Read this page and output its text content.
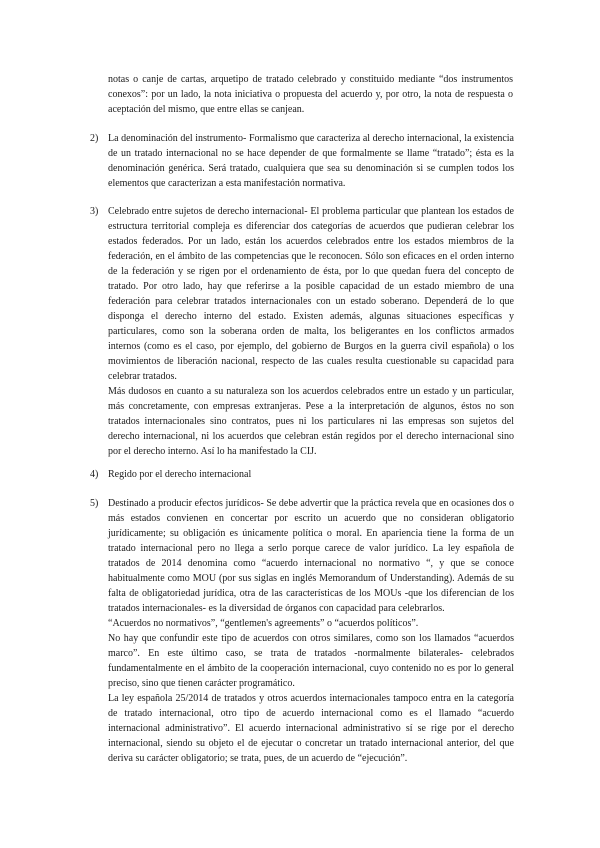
notas o canje de cartas, arquetipo de tratado celebrado y constituido mediante “dos instrumentos conexos”: por un lado, la nota iniciativa o propuesta del acuerdo y, por otro, la nota de respuesta o aceptación del mismo, que entre ellas se canjean.

2) La denominación del instrumento- Formalismo que caracteriza al derecho internacional, la existencia de un tratado internacional no se hace depender de que formalmente se llame “tratado”; ésta es la denominación genérica. Será tratado, cualquiera que sea su denominación si se cumplen todos los elementos que caracterizan a esta manifestación normativa.

3) Celebrado entre sujetos de derecho internacional- El problema particular que plantean los estados de estructura territorial compleja es diferenciar dos categorías de acuerdos que pudieran celebrar los estados federados. Por un lado, están los acuerdos celebrados entre los estados miembros de la federación, en el ámbito de las competencias que le reconocen. Sólo son eficaces en el orden interno de la federación y se rigen por el ordenamiento de ésta, por lo que quedan fuera del concepto de tratado. Por otro lado, hay que referirse a la posible capacidad de un estado miembro de una federación para celebrar tratados internacionales con un estado soberano. Dependerá de lo que disponga el derecho interno del estado. Existen además, algunas situaciones específicas y particulares, como son la soberana orden de malta, los beligerantes en los conflictos armados internos (como es el caso, por ejemplo, del gobierno de Burgos en la guerra civil española) o los movimientos de liberación nacional, respecto de las cuales resulta cuestionable su capacidad para celebrar tratados.

Más dudosos en cuanto a su naturaleza son los acuerdos celebrados entre un estado y un particular, más concretamente, con empresas extranjeras. Pese a la interpretación de algunos, éstos no son tratados internacionales sino contratos, pues ni los particulares ni las empresas son sujetos del derecho internacional, ni los acuerdos que celebran están regidos por el derecho internacional sino por el derecho interno. Así lo ha manifestado la CIJ.

4) Regido por el derecho internacional

5) Destinado a producir efectos jurídicos- Se debe advertir que la práctica revela que en ocasiones dos o más estados convienen en concertar por escrito un acuerdo que no consideran obligatorio jurídicamente; su obligación es únicamente política o moral. En apariencia tiene la forma de un tratado internacional pero no llega a serlo porque carece de valor jurídico. La ley española de tratados de 2014 denomina como “acuerdo internacional no normativo “, y que se conoce habitualmente como MOU (por sus siglas en inglés Memorandum of Understanding). Además de su falta de obligatoriedad jurídica, otra de las características de los MOUs -que los diferencian de los tratados internacionales- es la diversidad de órganos con capacidad para celebrarlos.

“Acuerdos no normativos”, “gentlemen's agreements” o “acuerdos políticos”.

No hay que confundir este tipo de acuerdos con otros similares, como son los llamados “acuerdos marco”. En este último caso, se trata de tratados -normalmente bilaterales- celebrados fundamentalmente en el ámbito de la cooperación internacional, cuyo contenido no es por lo general preciso, sino que tienen carácter programático.

La ley española 25/2014 de tratados y otros acuerdos internacionales tampoco entra en la categoría de tratado internacional, otro tipo de acuerdo internacional como es el llamado “acuerdo internacional administrativo”. El acuerdo internacional administrativo sí se rige por el derecho internacional, siendo su objeto el de ejecutar o concretar un tratado internacional anterior, del que deriva su carácter obligatorio; se trata, pues, de un acuerdo de “ejecución”.
